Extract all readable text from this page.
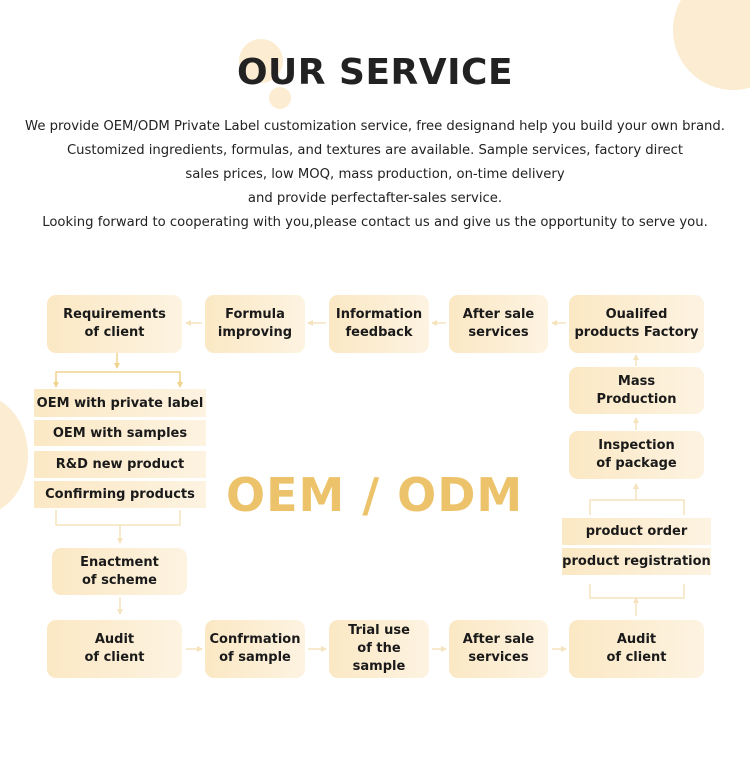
OUR SERVICE
We provide OEM/ODM Private Label customization service, free designand help you build your own brand.
Customized ingredients, formulas, and textures are available. Sample services, factory direct
sales prices, low MOQ, mass production, on-time delivery
and provide perfectafter-sales service.
Looking forward to cooperating with you,please contact us and give us the opportunity to serve you.
OEM / ODM
Requirements
of client
Formula
improving
Information
feedback
After sale
services
Oualifed
products Factory
OEM with private label
OEM with samples
R&D new product
Confirming products
Enactment
of scheme
Mass
Production
Inspection
of package
product order
product registration
Audit
of client
Confrmation
of sample
Trial use
of the sample
After sale
services
Audit
of client
